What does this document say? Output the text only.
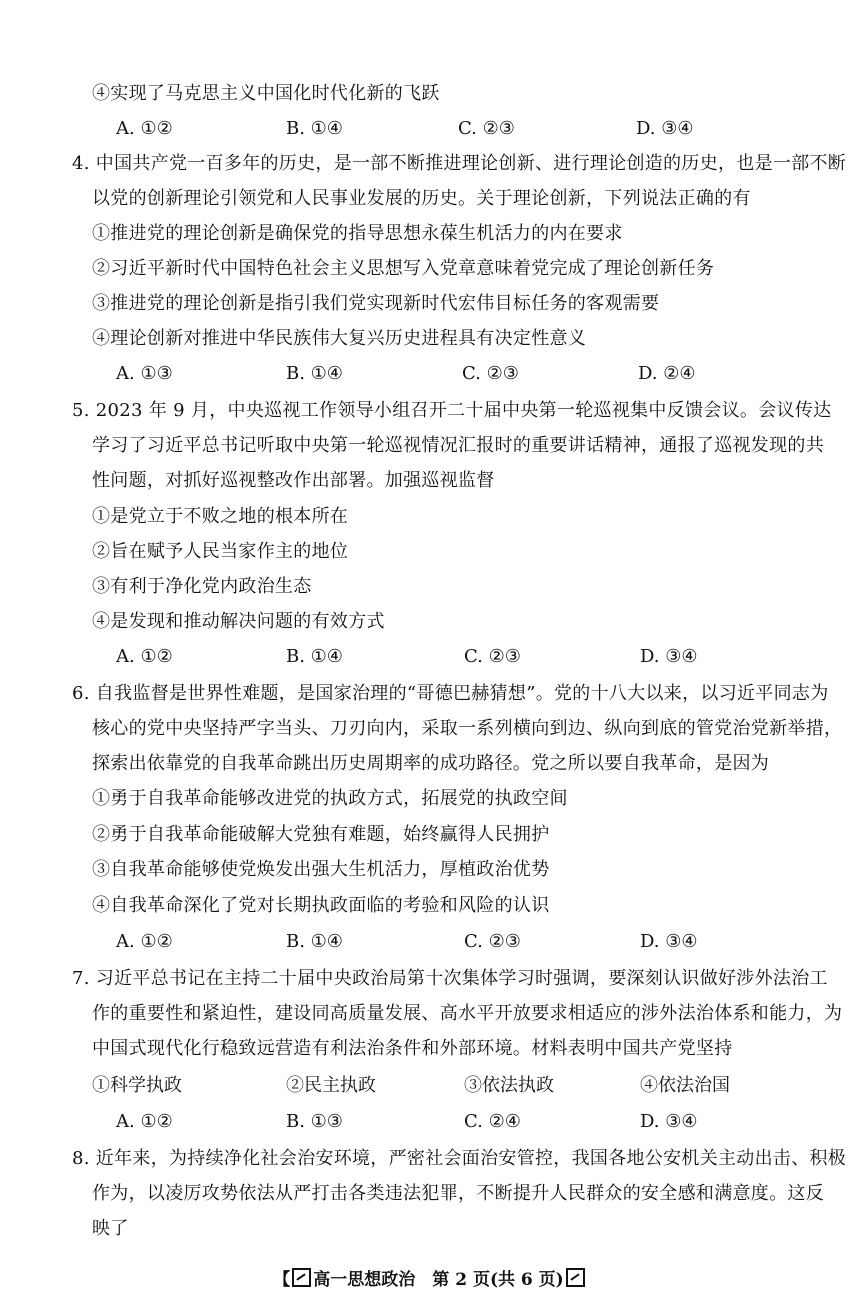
④实现了马克思主义中国化时代化新的飞跃
A. ①②	B. ①④	C. ②③	D. ③④
4. 中国共产党一百多年的历史，是一部不断推进理论创新、进行理论创造的历史，也是一部不断
以党的创新理论引领党和人民事业发展的历史。关于理论创新，下列说法正确的有
①推进党的理论创新是确保党的指导思想永葆生机活力的内在要求
②习近平新时代中国特色社会主义思想写入党章意味着党完成了理论创新任务
③推进党的理论创新是指引我们党实现新时代宏伟目标任务的客观需要
④理论创新对推进中华民族伟大复兴历史进程具有决定性意义
A. ①③	B. ①④	C. ②③	D. ②④
5. 2023 年 9 月，中央巡视工作领导小组召开二十届中央第一轮巡视集中反馈会议。会议传达
学习了习近平总书记听取中央第一轮巡视情况汇报时的重要讲话精神，通报了巡视发现的共
性问题，对抓好巡视整改作出部署。加强巡视监督
①是党立于不败之地的根本所在
②旨在赋予人民当家作主的地位
③有利于净化党内政治生态
④是发现和推动解决问题的有效方式
A. ①②	B. ①④	C. ②③	D. ③④
6. 自我监督是世界性难题，是国家治理的“哥德巴赫猜想”。党的十八大以来，以习近平同志为
核心的党中央坚持严字当头、刀刃向内，采取一系列横向到边、纵向到底的管党治党新举措，
探索出依靠党的自我革命跳出历史周期率的成功路径。党之所以要自我革命，是因为
①勇于自我革命能够改进党的执政方式，拓展党的执政空间
②勇于自我革命能破解大党独有难题，始终赢得人民拥护
③自我革命能够使党焕发出强大生机活力，厚植政治优势
④自我革命深化了党对长期执政面临的考验和风险的认识
A. ①②	B. ①④	C. ②③	D. ③④
7. 习近平总书记在主持二十届中央政治局第十次集体学习时强调，要深刻认识做好涉外法治工
作的重要性和紧迫性，建设同高质量发展、高水平开放要求相适应的涉外法治体系和能力，为
中国式现代化行稳致远营造有利法治条件和外部环境。材料表明中国共产党坚持
①科学执政	②民主执政	③依法执政	④依法治国
A. ①②	B. ①③	C. ②④	D. ③④
8. 近年来，为持续净化社会治安环境，严密社会面治安管控，我国各地公安机关主动出击、积极
作为，以凌厉攻势依法从严打击各类违法犯罪，不断提升人民群众的安全感和满意度。这反
映了
【 高一思想政治　第 2 页(共 6 页)
